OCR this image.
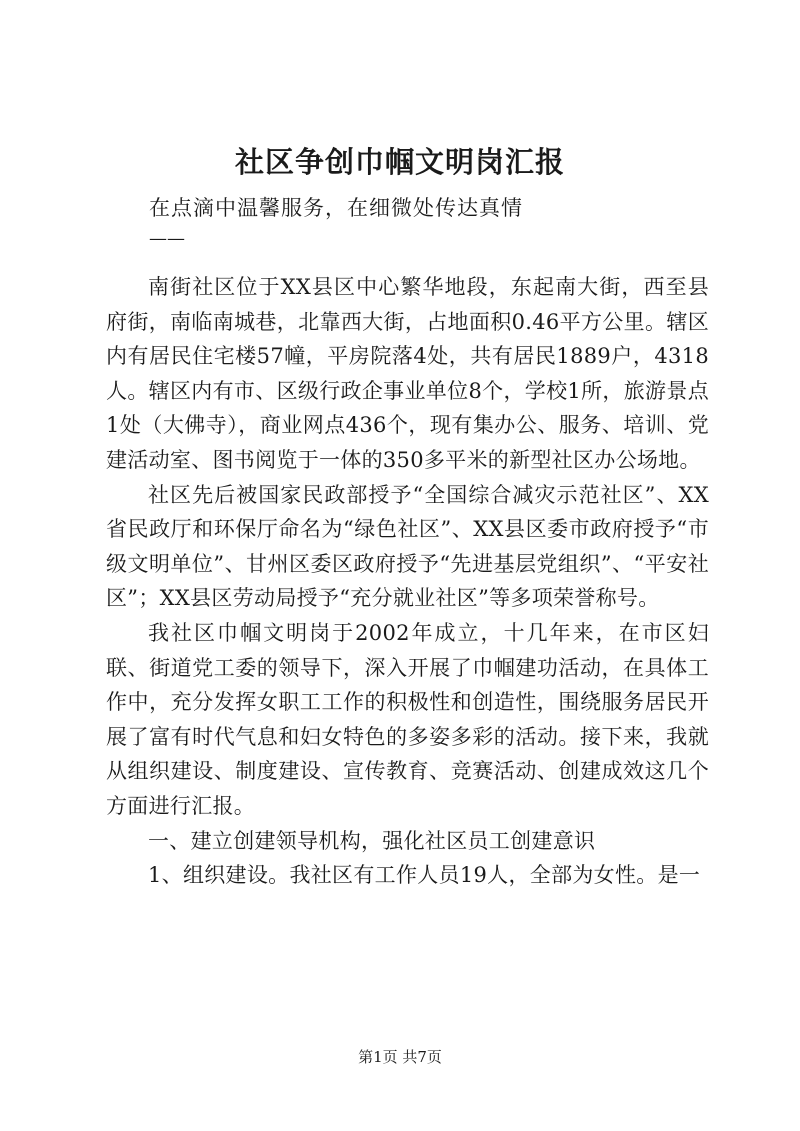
社区争创巾帼文明岗汇报
在点滴中温馨服务，在细微处传达真情
——

南街社区位于XX县区中心繁华地段，东起南大街，西至县府街，南临南城巷，北靠西大街，占地面积0.46平方公里。辖区内有居民住宅楼57幢，平房院落4处，共有居民1889户，4318人。辖区内有市、区级行政企事业单位8个，学校1所，旅游景点1处（大佛寺），商业网点436个，现有集办公、服务、培训、党建活动室、图书阅览于一体的350多平米的新型社区办公场地。

社区先后被国家民政部授予“全国综合减灾示范社区”、XX省民政厅和环保厅命名为“绿色社区”、XX县区委市政府授予“市级文明单位”、甘州区委区政府授予“先进基层党组织”、“平安社区”；XX县区劳动局授予“充分就业社区”等多项荣誉称号。

我社区巾帼文明岗于2002年成立，十几年来，在市区妇联、街道党工委的领导下，深入开展了巾帼建功活动，在具体工作中，充分发挥女职工工作的积极性和创造性，围绕服务居民开展了富有时代气息和妇女特色的多姿多彩的活动。接下来，我就从组织建设、制度建设、宣传教育、竞赛活动、创建成效这几个方面进行汇报。

一、建立创建领导机构，强化社区员工创建意识

1、组织建设。我社区有工作人员19人，全部为女性。是一

第1页 共7页
